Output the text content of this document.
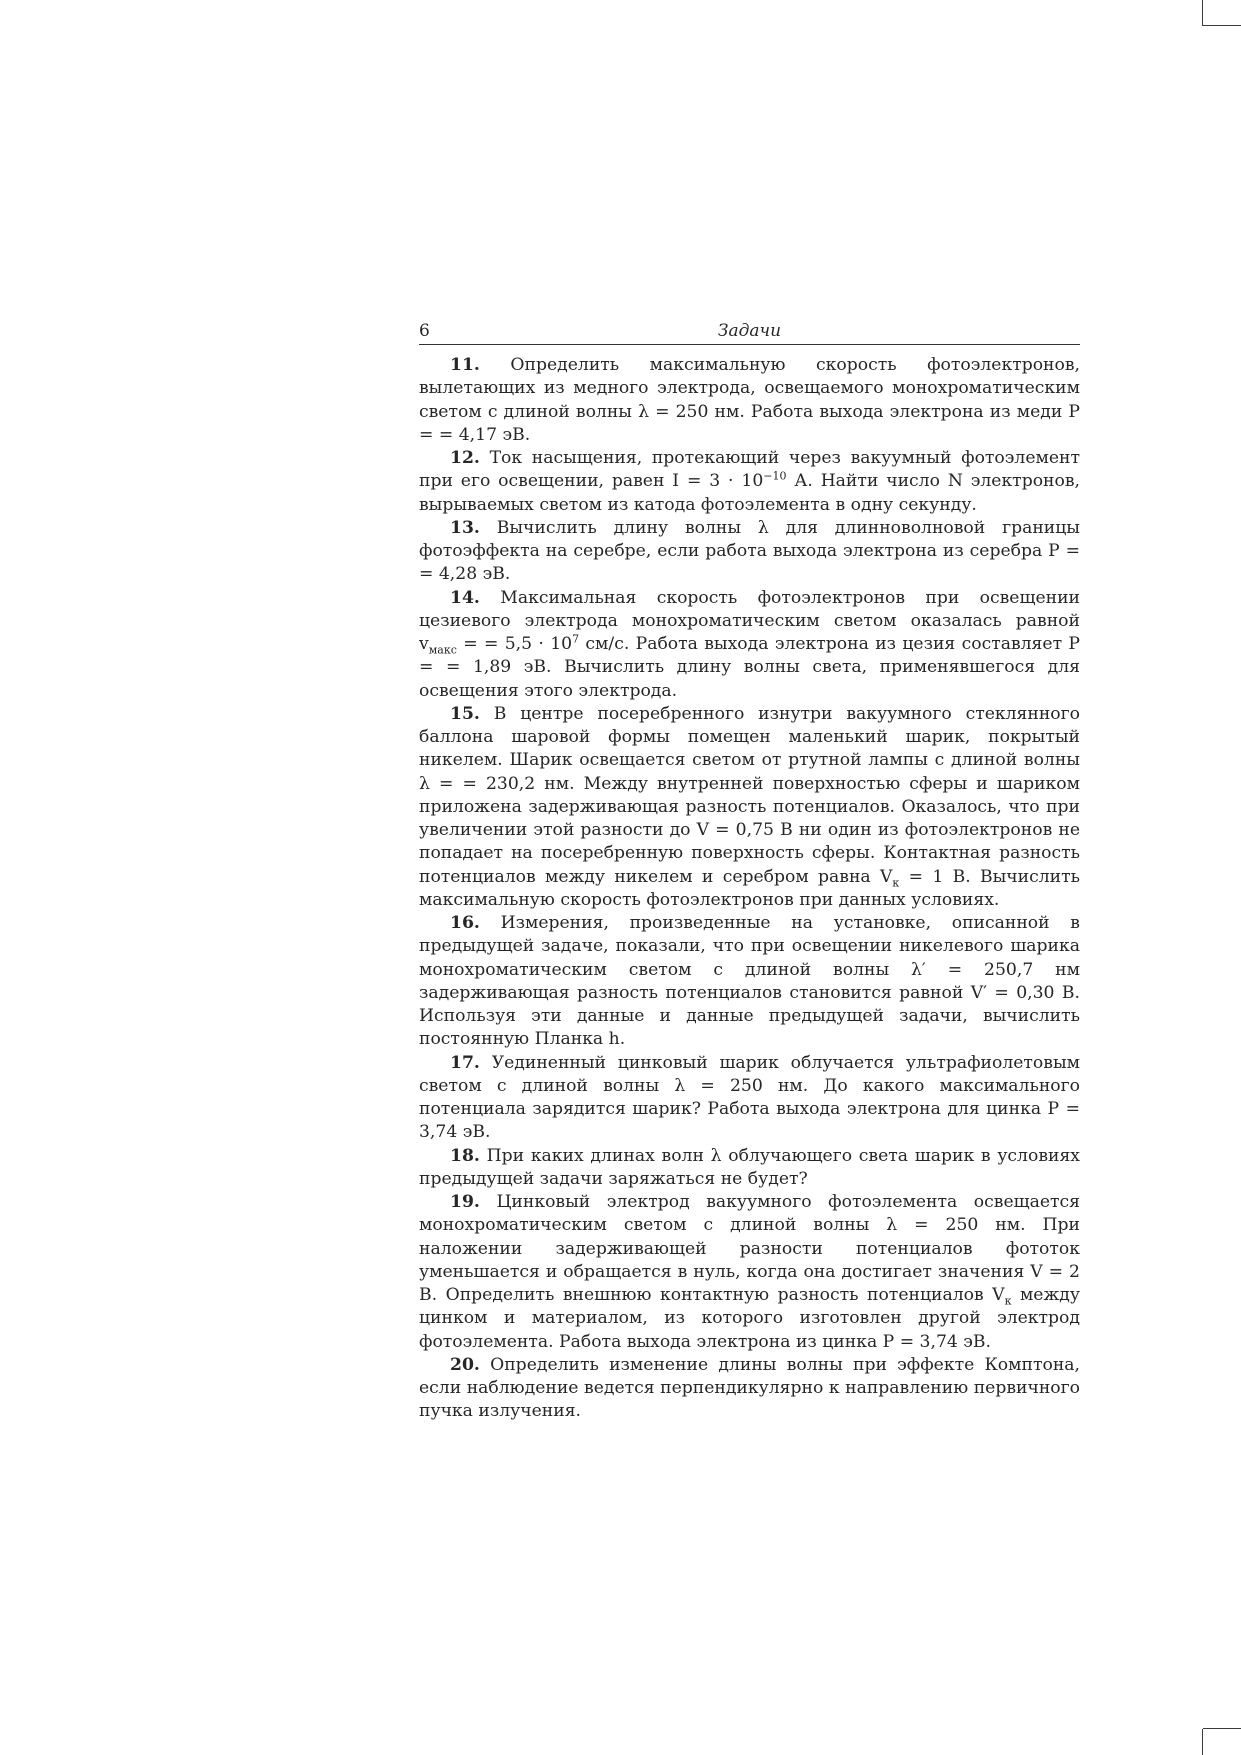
6	Задачи

11. Определить максимальную скорость фотоэлектронов, вылетающих из медного электрода, освещаемого монохроматическим светом с длиной волны λ = 250 нм. Работа выхода электрона из меди P = = 4,17 эВ.

12. Ток насыщения, протекающий через вакуумный фотоэлемент при его освещении, равен $I = 3 \cdot 10^{-10}$ А. Найти число N электронов, вырываемых светом из катода фотоэлемента в одну секунду.

13. Вычислить длину волны λ для длинноволновой границы фотоэффекта на серебре, если работа выхода электрона из серебра P = = 4,28 эВ.

14. Максимальная скорость фотоэлектронов при освещении цезиевого электрода монохроматическим светом оказалась равной $v_{макс}$ = = $5,5 \cdot 10^7$ см/с. Работа выхода электрона из цезия составляет P = = 1,89 эВ. Вычислить длину волны света, применявшегося для освещения этого электрода.

15. В центре посеребренного изнутри вакуумного стеклянного баллона шаровой формы помещен маленький шарик, покрытый никелем. Шарик освещается светом от ртутной лампы с длиной волны λ = = 230,2 нм. Между внутренней поверхностью сферы и шариком приложена задерживающая разность потенциалов. Оказалось, что при увеличении этой разности до V = 0,75 В ни один из фотоэлектронов не попадает на посеребренную поверхность сферы. Контактная разность потенциалов между никелем и серебром равна $V_к = 1$ В. Вычислить максимальную скорость фотоэлектронов при данных условиях.

16. Измерения, произведенные на установке, описанной в предыдущей задаче, показали, что при освещении никелевого шарика монохроматическим светом с длиной волны λ′ = 250,7 нм задерживающая разность потенциалов становится равной V′ = 0,30 В. Используя эти данные и данные предыдущей задачи, вычислить постоянную Планка h.

17. Уединенный цинковый шарик облучается ультрафиолетовым светом с длиной волны λ = 250 нм. До какого максимального потенциала зарядится шарик? Работа выхода электрона для цинка P = 3,74 эВ.

18. При каких длинах волн λ облучающего света шарик в условиях предыдущей задачи заряжаться не будет?

19. Цинковый электрод вакуумного фотоэлемента освещается монохроматическим светом с длиной волны λ = 250 нм. При наложении задерживающей разности потенциалов фототок уменьшается и обращается в нуль, когда она достигает значения V = 2 В. Определить внешнюю контактную разность потенциалов $V_к$ между цинком и материалом, из которого изготовлен другой электрод фотоэлемента. Работа выхода электрона из цинка P = 3,74 эВ.

20. Определить изменение длины волны при эффекте Комптона, если наблюдение ведется перпендикулярно к направлению первичного пучка излучения.
